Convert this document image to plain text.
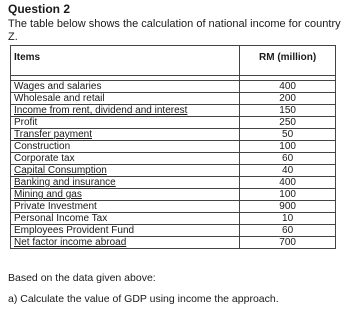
Question 2
The table below shows the calculation of national income for country Z.
Items	RM (million)

Wages and salaries	400
Wholesale and retail	200
Income from rent, dividend and interest	150
Profit	250
Transfer payment	50
Construction	100
Corporate tax	60
Capital Consumption	40
Banking and insurance	400
Mining and gas	100
Private Investment	900
Personal Income Tax	10
Employees Provident Fund	60
Net factor income abroad	700
Based on the data given above:
a) Calculate the value of GDP using income the approach.
